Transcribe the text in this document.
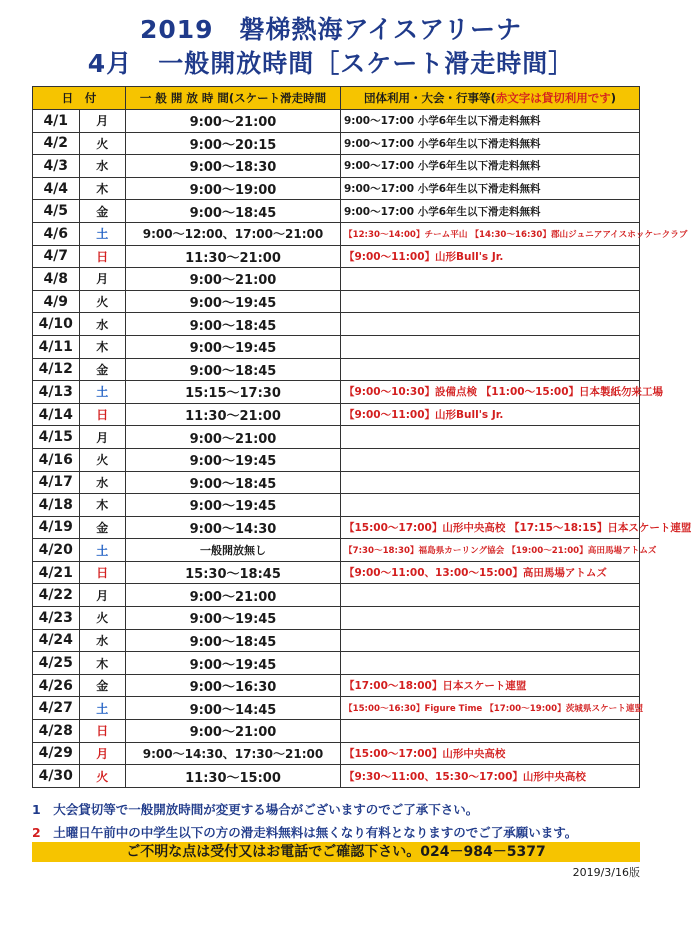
2019　磐梯熱海アイスアリーナ
4月　一般開放時間［スケート滑走時間］
日　付		一 般 開 放 時 間(スケート滑走時間	団体利用・大会・行事等(赤文字は貸切利用です)
4/1	月	9:00～21:00	9:00～17:00 小学6年生以下滑走料無料
4/2	火	9:00～20:15	9:00～17:00 小学6年生以下滑走料無料
4/3	水	9:00～18:30	9:00～17:00 小学6年生以下滑走料無料
4/4	木	9:00～19:00	9:00～17:00 小学6年生以下滑走料無料
4/5	金	9:00～18:45	9:00～17:00 小学6年生以下滑走料無料
4/6	土	9:00～12:00、17:00～21:00	【12:30～14:00】チーム平山 【14:30～16:30】郡山ジュニアアイスホッケークラブ
4/7	日	11:30～21:00	【9:00～11:00】山形Bull's Jr.
4/8	月	9:00～21:00	
4/9	火	9:00～19:45	
4/10	水	9:00～18:45	
4/11	木	9:00～19:45	
4/12	金	9:00～18:45	
4/13	土	15:15～17:30	【9:00～10:30】設備点検 【11:00～15:00】日本製紙勿来工場
4/14	日	11:30～21:00	【9:00～11:00】山形Bull's Jr.
4/15	月	9:00～21:00	
4/16	火	9:00～19:45	
4/17	水	9:00～18:45	
4/18	木	9:00～19:45	
4/19	金	9:00～14:30	【15:00～17:00】山形中央高校 【17:15～18:15】日本スケート連盟
4/20	土	一般開放無し	【7:30～18:30】福島県カーリング協会 【19:00～21:00】高田馬場アトムズ
4/21	日	15:30～18:45	【9:00～11:00、13:00～15:00】高田馬場アトムズ
4/22	月	9:00～21:00	
4/23	火	9:00～19:45	
4/24	水	9:00～18:45	
4/25	木	9:00～19:45	
4/26	金	9:00～16:30	【17:00～18:00】日本スケート連盟
4/27	土	9:00～14:45	【15:00～16:30】Figure Time 【17:00～19:00】茨城県スケート連盟
4/28	日	9:00～21:00	
4/29	月	9:00～14:30、17:30～21:00	【15:00～17:00】山形中央高校
4/30	火	11:30～15:00	【9:30～11:00、15:30～17:00】山形中央高校
1　 大会貸切等で一般開放時間が変更する場合がございますのでご了承下さい。
2　 土曜日午前中の中学生以下の方の滑走料無料は無くなり有料となりますのでご了承願います。
ご不明な点は受付又はお電話でご確認下さい。024－984－5377
2019/3/16版
